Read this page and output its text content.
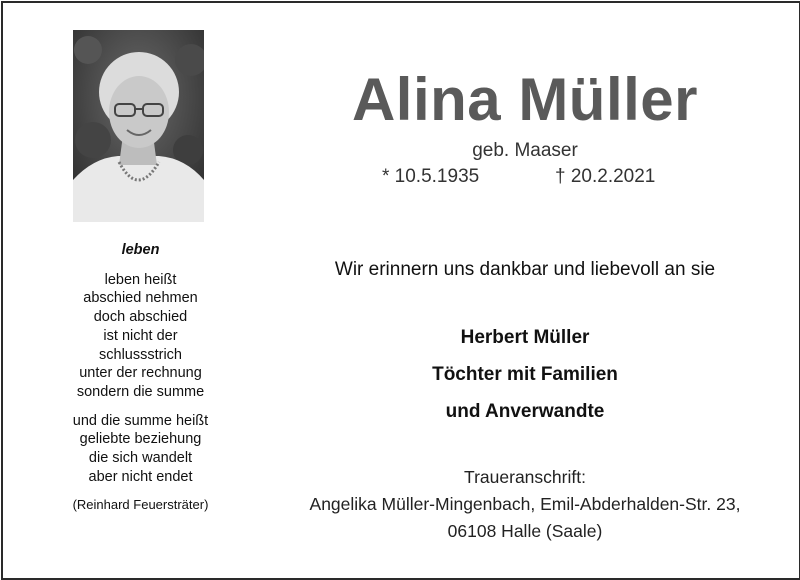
leben
leben heißt
abschied nehmen
doch abschied
ist nicht der
schlussstrich
unter der rechnung
sondern die summe
und die summe heißt
geliebte beziehung
die sich wandelt
aber nicht endet
(Reinhard Feuersträter)
Alina Müller
geb. Maaser
* 10.5.1935	† 20.2.2021
Wir erinnern uns dankbar und liebevoll an sie
Herbert Müller
Töchter mit Familien
und Anverwandte
Traueranschrift:
Angelika Müller-Mingenbach, Emil-Abderhalden-Str. 23,
06108 Halle (Saale)
